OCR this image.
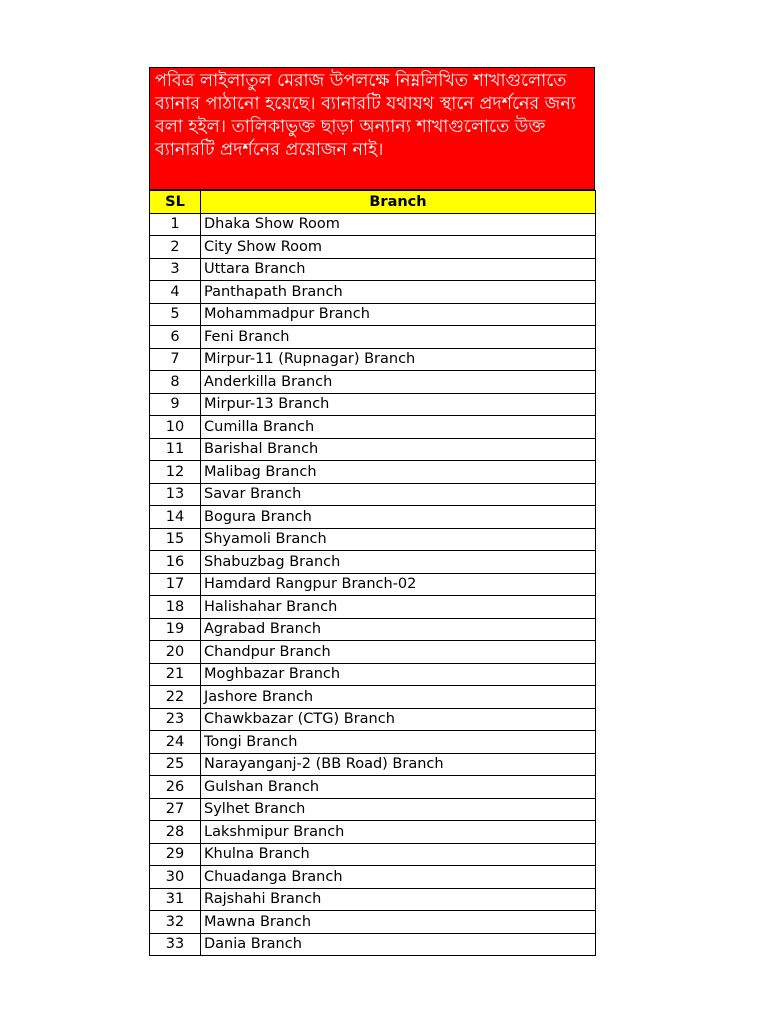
পবিত্র লাইলাতুল মেরাজ উপলক্ষে নিম্নলিখিত শাখাগুলোতে ব্যানার পাঠানো হয়েছে। ব্যানারটি যথাযথ স্থানে প্রদর্শনের জন্য বলা হইল। তালিকাভুক্ত ছাড়া অন্যান্য শাখাগুলোতে উক্ত ব্যানারটি প্রদর্শনের প্রয়োজন নাই।
SL	Branch
1	Dhaka Show Room
2	City Show Room
3	Uttara Branch
4	Panthapath Branch
5	Mohammadpur Branch
6	Feni Branch
7	Mirpur-11 (Rupnagar) Branch
8	Anderkilla Branch
9	Mirpur-13 Branch
10	Cumilla Branch
11	Barishal Branch
12	Malibag Branch
13	Savar Branch
14	Bogura Branch
15	Shyamoli Branch
16	Shabuzbag Branch
17	Hamdard Rangpur Branch-02
18	Halishahar Branch
19	Agrabad Branch
20	Chandpur Branch
21	Moghbazar Branch
22	Jashore Branch
23	Chawkbazar (CTG) Branch
24	Tongi Branch
25	Narayanganj-2 (BB Road) Branch
26	Gulshan Branch
27	Sylhet Branch
28	Lakshmipur Branch
29	Khulna Branch
30	Chuadanga Branch
31	Rajshahi Branch
32	Mawna Branch
33	Dania Branch
